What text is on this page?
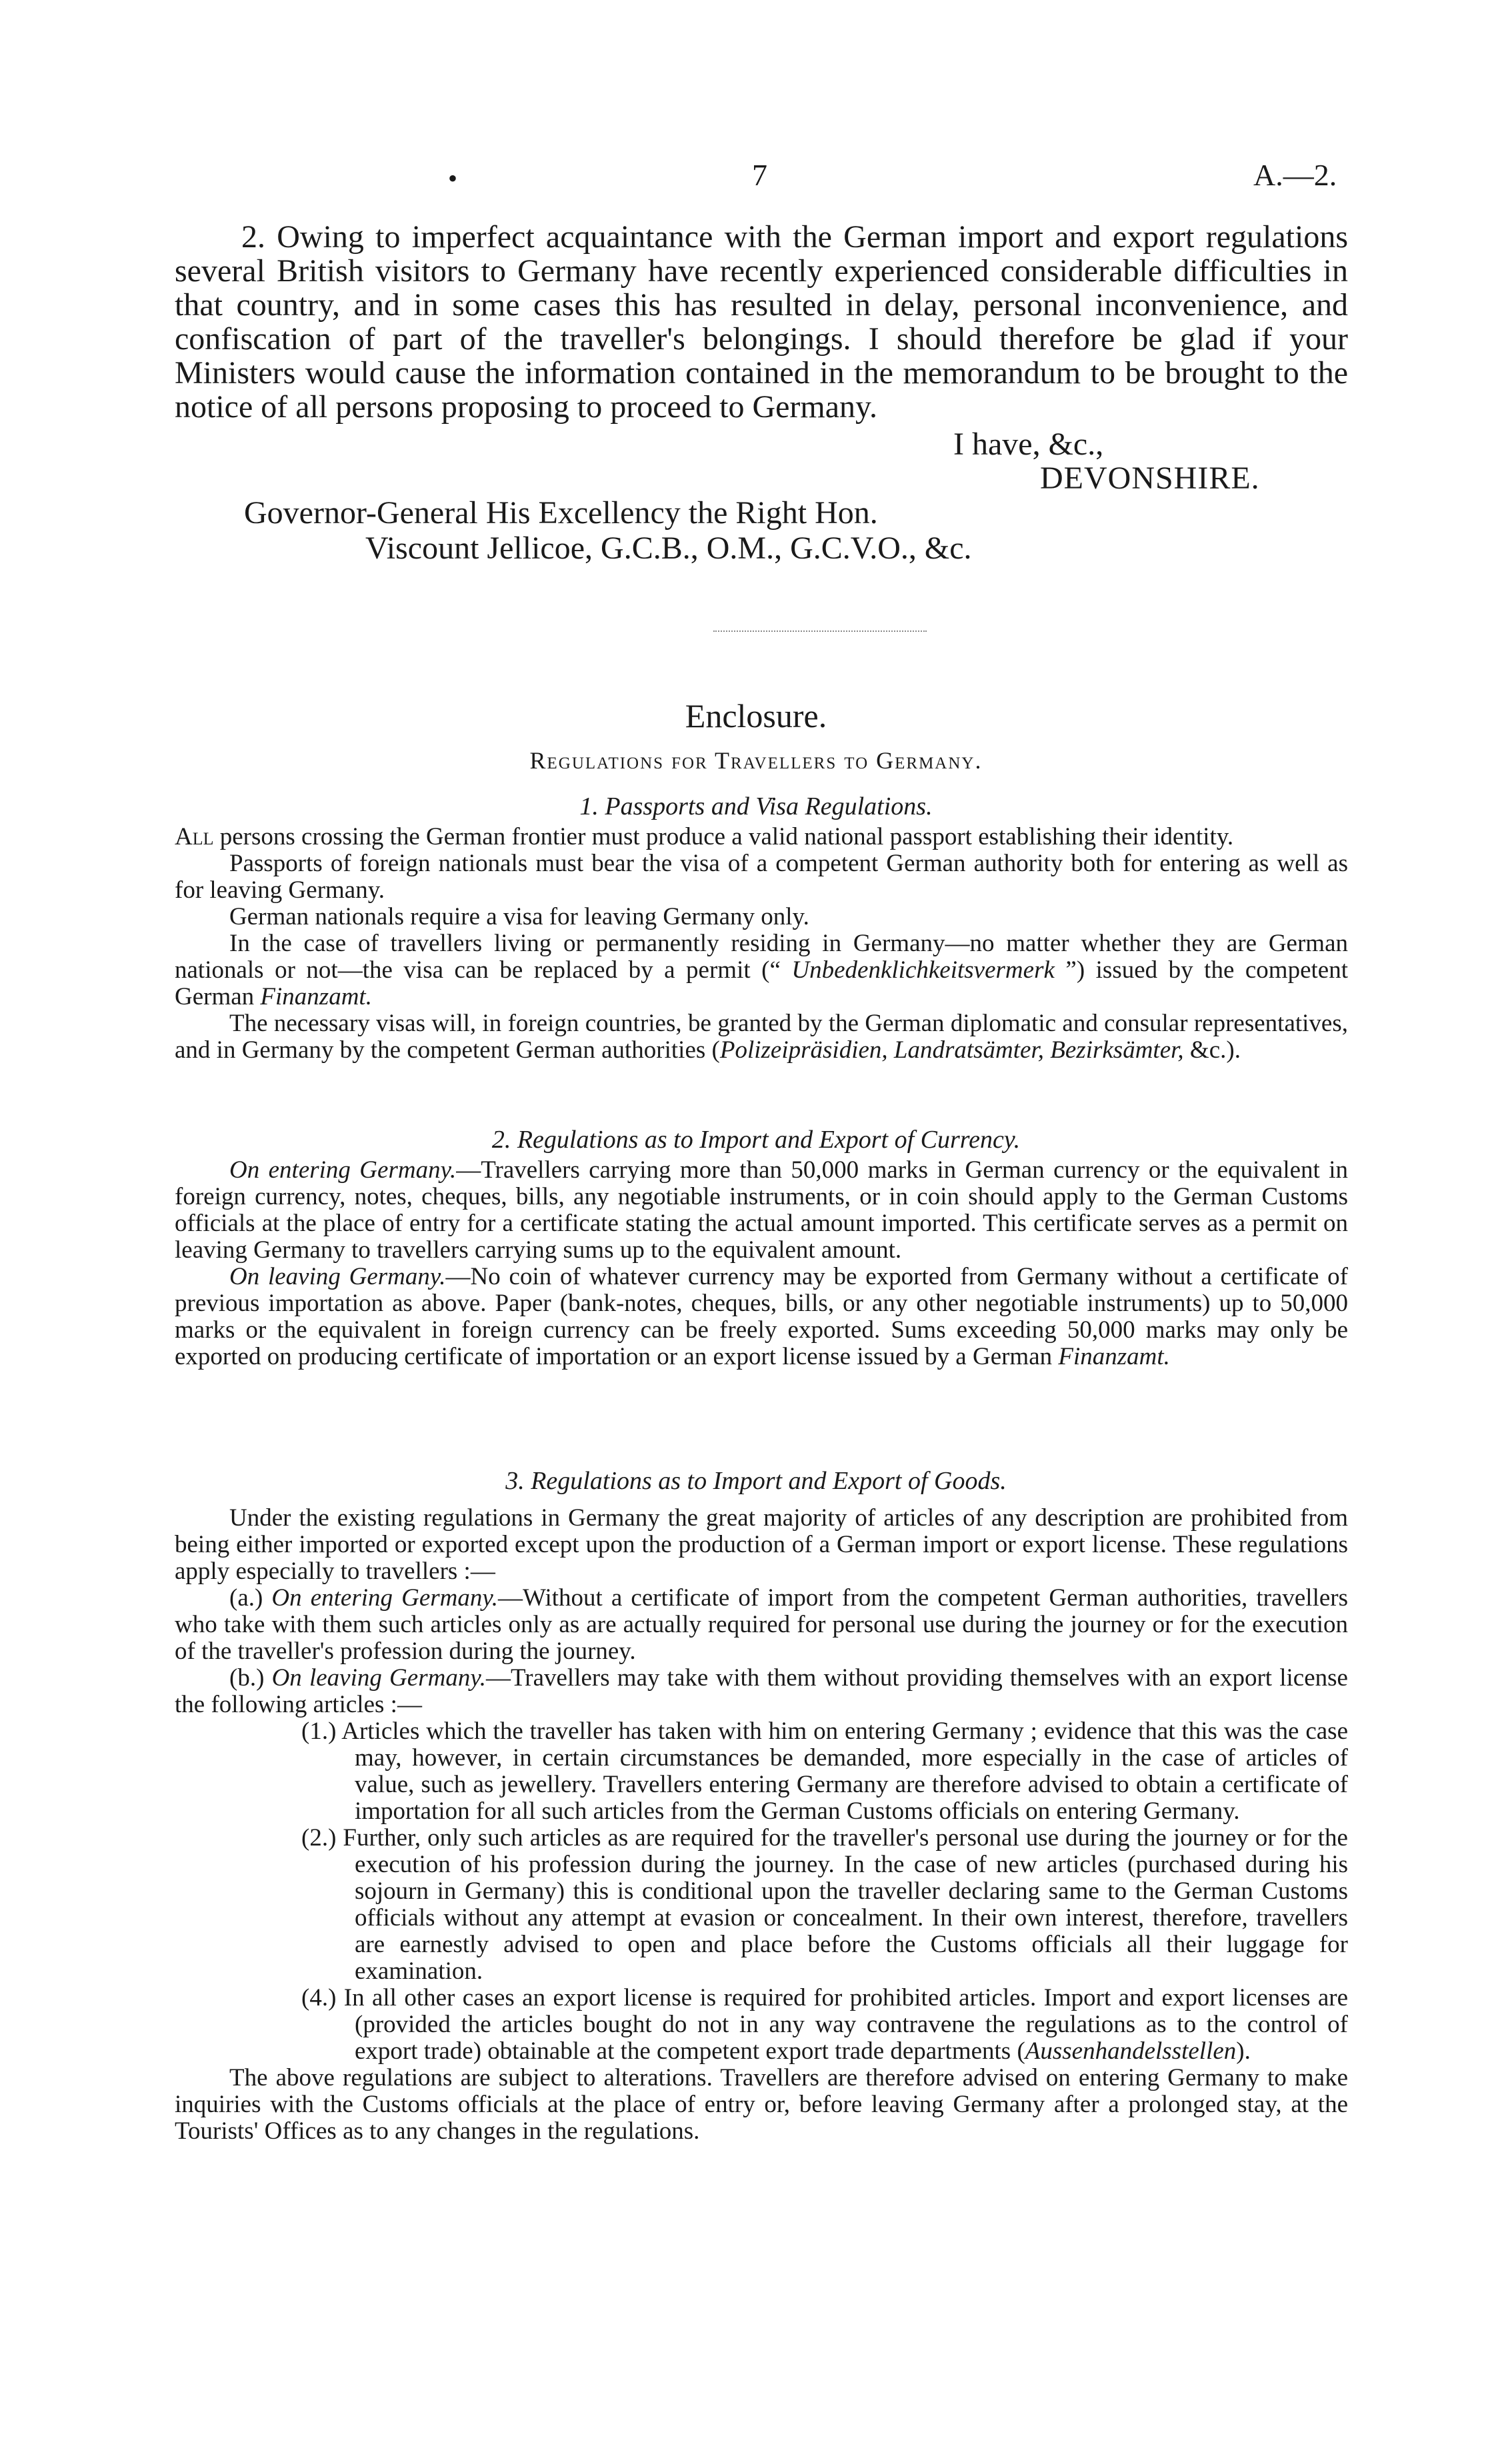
•	7	A.—2.

2. Owing to imperfect acquaintance with the German import and export regulations several British visitors to Germany have recently experienced considerable difficulties in that country, and in some cases this has resulted in delay, personal inconvenience, and confiscation of part of the traveller's belongings. I should therefore be glad if your Ministers would cause the information contained in the memorandum to be brought to the notice of all persons proposing to proceed to Germany.

I have, &c.,
DEVONSHIRE.
Governor-General His Excellency the Right Hon.
Viscount Jellicoe, G.C.B., O.M., G.C.V.O., &c.
Enclosure.
Regulations for Travellers to Germany.
1. Passports and Visa Regulations.

All persons crossing the German frontier must produce a valid national passport establishing their identity.

Passports of foreign nationals must bear the visa of a competent German authority both for entering as well as for leaving Germany.

German nationals require a visa for leaving Germany only.

In the case of travellers living or permanently residing in Germany—no matter whether they are German nationals or not—the visa can be replaced by a permit (“ Unbedenklichkeitsvermerk ”) issued by the competent German Finanzamt.

The necessary visas will, in foreign countries, be granted by the German diplomatic and consular representatives, and in Germany by the competent German authorities (Polizeipräsidien, Landratsämter, Bezirksämter, &c.).

2. Regulations as to Import and Export of Currency.

On entering Germany.—Travellers carrying more than 50,000 marks in German currency or the equivalent in foreign currency, notes, cheques, bills, any negotiable instruments, or in coin should apply to the German Customs officials at the place of entry for a certificate stating the actual amount imported. This certificate serves as a permit on leaving Germany to travellers carrying sums up to the equivalent amount.

On leaving Germany.—No coin of whatever currency may be exported from Germany without a certificate of previous importation as above. Paper (bank-notes, cheques, bills, or any other negotiable instruments) up to 50,000 marks or the equivalent in foreign currency can be freely exported. Sums exceeding 50,000 marks may only be exported on producing certificate of importation or an export license issued by a German Finanzamt.

3. Regulations as to Import and Export of Goods.

Under the existing regulations in Germany the great majority of articles of any description are prohibited from being either imported or exported except upon the production of a German import or export license. These regulations apply especially to travellers :—

(a.) On entering Germany.—Without a certificate of import from the competent German authorities, travellers who take with them such articles only as are actually required for personal use during the journey or for the execution of the traveller's profession during the journey.

(b.) On leaving Germany.—Travellers may take with them without providing themselves with an export license the following articles :—

(1.) Articles which the traveller has taken with him on entering Germany ; evidence that this was the case may, however, in certain circumstances be demanded, more especially in the case of articles of value, such as jewellery. Travellers entering Germany are therefore advised to obtain a certificate of importation for all such articles from the German Customs officials on entering Germany.
(2.) Further, only such articles as are required for the traveller's personal use during the journey or for the execution of his profession during the journey. In the case of new articles (purchased during his sojourn in Germany) this is conditional upon the traveller declaring same to the German Customs officials without any attempt at evasion or concealment. In their own interest, therefore, travellers are earnestly advised to open and place before the Customs officials all their luggage for examination.
(4.) In all other cases an export license is required for prohibited articles. Import and export licenses are (provided the articles bought do not in any way contravene the regulations as to the control of export trade) obtainable at the competent export trade departments (Aussenhandelsstellen).

The above regulations are subject to alterations. Travellers are therefore advised on entering Germany to make inquiries with the Customs officials at the place of entry or, before leaving Germany after a prolonged stay, at the Tourists' Offices as to any changes in the regulations.
